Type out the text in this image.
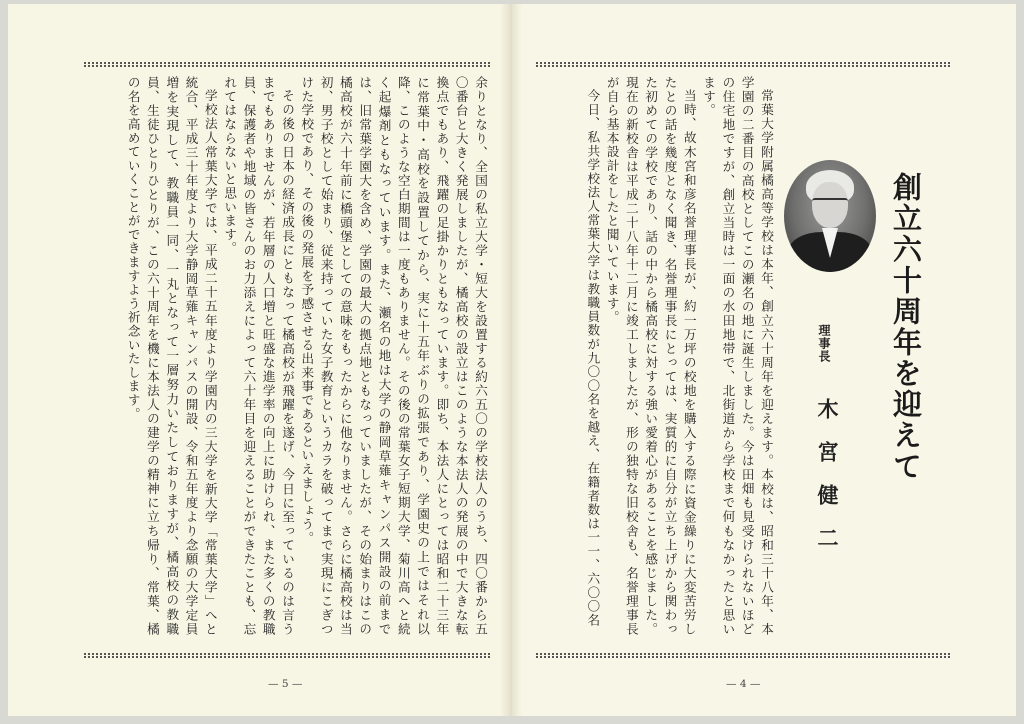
創立六十周年を迎えて
理事長
木宮健二

常葉大学附属橘高等学校は本年、創立六十周年を迎えます。本校は、昭和三十八年、本学園の二番目の高校としてこの瀬名の地に誕生しました。今は田畑も見受けられないほどの住宅地ですが、創立当時は一面の水田地帯で、北街道から学校まで何もなかったと思います。

当時、故木宮和彦名誉理事長が、約一万坪の校地を購入する際に資金繰りに大変苦労したとの話を幾度となく聞き、名誉理事長にとっては、実質的に自分が立ち上げから関わった初めての学校であり、話の中から橘高校に対する強い愛着心があることを感じました。現在の新校舎は平成二十八年十二月に竣工しましたが、形の独特な旧校舎も、名誉理事長が自ら基本設計をしたと聞いています。

今日、私共学校法人常葉大学は教職員数が九〇〇名を越え、在籍者数は一一、六〇〇名

— 4 —

余りとなり、全国の私立大学・短大を設置する約六五〇の学校法人のうち、四〇番から五〇番台と大きく発展しましたが、橘高校の設立はこのような本法人の発展の中で大きな転換点でもあり、飛躍の足掛かりともなっています。即ち、本法人にとっては昭和二十三年に常葉中・高校を設置してから、実に十五年ぶりの拡張であり、学園史の上ではそれ以降、このような空白期間は一度もありません。その後の常葉女子短期大学、菊川高へと続く起爆剤ともなっています。また、瀬名の地は大学の静岡草薙キャンパス開設の前までは、旧常葉学園大を含め、学園の最大の拠点地ともなっていましたが、その始まりはこの橘高校が六十年前に橋頭堡としての意味をもったからに他なりません。さらに橘高校は当初、男子校として始まり、従来持っていた女子教育というカラを破ってまで実現にこぎつけた学校であり、その後の発展を予感させる出来事であるといえましょう。

その後の日本の経済成長にともなって橘高校が飛躍を遂げ、今日に至っているのは言うまでもありませんが、若年層の人口増と旺盛な進学率の向上に助けられ、また多くの教職員、保護者や地域の皆さんのお力添えによって六十年目を迎えることができたことも、忘れてはならないと思います。

学校法人常葉大学では、平成二十五年度より学園内の三大学を新大学「常葉大学」へと統合、平成三十年度より大学静岡草薙キャンパスの開設、令和五年度より念願の大学定員増を実現して、教職員一同、一丸となって一層努力いたしておりますが、橘高校の教職員、生徒ひとりひとりが、この六十周年を機に本法人の建学の精神に立ち帰り、常葉、橘の名を高めていくことができますよう祈念いたします。

— 5 —
